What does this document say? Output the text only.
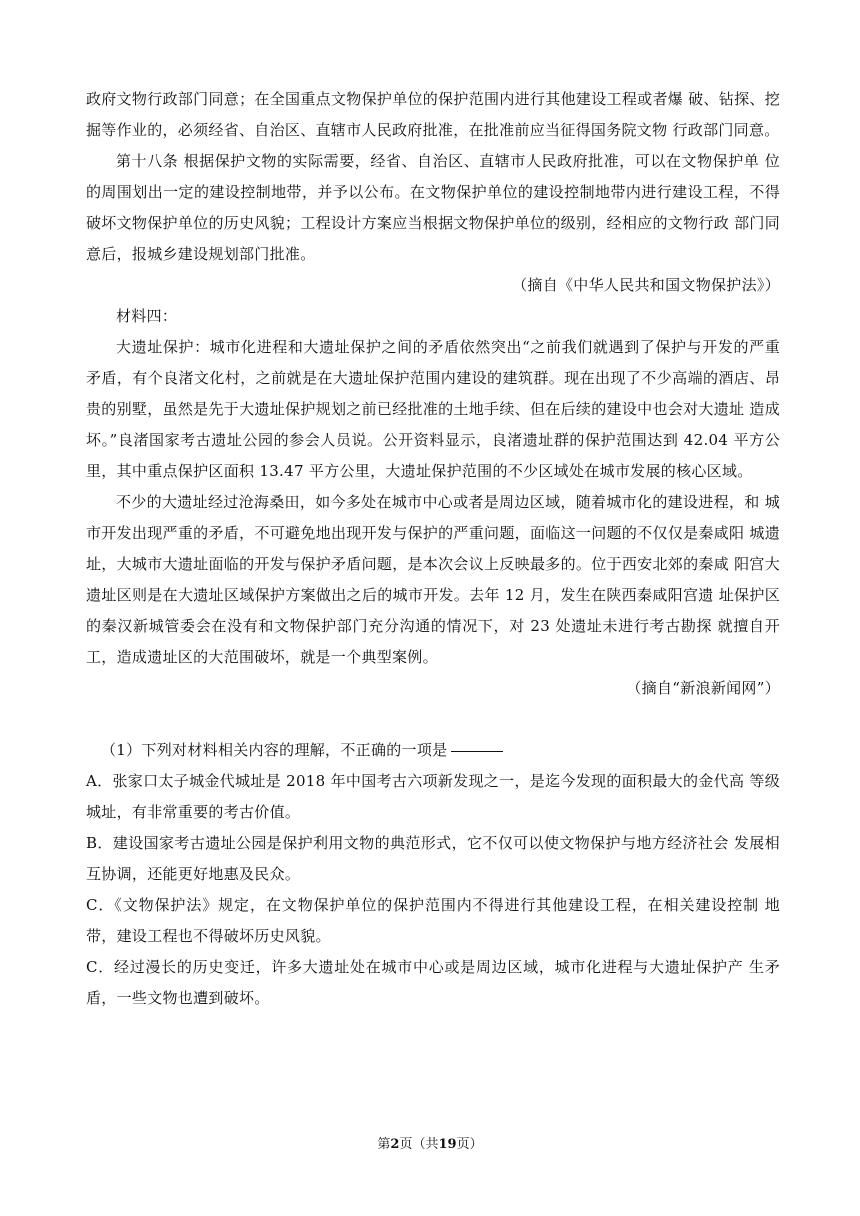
政府文物行政部门同意；在全国重点文物保护单位的保护范围内进行其他建设工程或者爆 破、钻探、挖掘等作业的，必须经省、自治区、直辖市人民政府批准，在批准前应当征得国务院文物 行政部门同意。

第十八条 根据保护文物的实际需要，经省、自治区、直辖市人民政府批准，可以在文物保护单 位的周围划出一定的建设控制地带，并予以公布。在文物保护单位的建设控制地带内进行建设工程，不得破坏文物保护单位的历史风貌；工程设计方案应当根据文物保护单位的级别，经相应的文物行政 部门同意后，报城乡建设规划部门批准。

（摘自《中华人民共和国文物保护法》）

材料四：

大遗址保护：城市化进程和大遗址保护之间的矛盾依然突出“之前我们就遇到了保护与开发的严重矛盾，有个良渚文化村，之前就是在大遗址保护范围内建设的建筑群。现在出现了不少高端的酒店、昂贵的别墅，虽然是先于大遗址保护规划之前已经批准的土地手续、但在后续的建设中也会对大遗址 造成坏。”良渚国家考古遗址公园的参会人员说。公开资料显示，良渚遗址群的保护范围达到 42.04 平方公里，其中重点保护区面积 13.47 平方公里，大遗址保护范围的不少区域处在城市发展的核心区域。

不少的大遗址经过沧海桑田，如今多处在城市中心或者是周边区域，随着城市化的建设进程，和 城市开发出现严重的矛盾，不可避免地出现开发与保护的严重问题，面临这一问题的不仅仅是秦咸阳 城遗址，大城市大遗址面临的开发与保护矛盾问题，是本次会议上反映最多的。位于西安北郊的秦咸 阳宫大遗址区则是在大遗址区域保护方案做出之后的城市开发。去年 12 月，发生在陕西秦咸阳宫遗 址保护区的秦汉新城管委会在没有和文物保护部门充分沟通的情况下，对 23 处遗址未进行考古勘探 就擅自开工，造成遗址区的大范围破坏，就是一个典型案例。

（摘自“新浪新闻网”）

（1）下列对材料相关内容的理解，不正确的一项是

A．张家口太子城金代城址是 2018 年中国考古六项新发现之一，是迄今发现的面积最大的金代高 等级城址，有非常重要的考古价值。

B．建设国家考古遗址公园是保护利用文物的典范形式，它不仅可以使文物保护与地方经济社会 发展相互协调，还能更好地惠及民众。

C．《文物保护法》规定，在文物保护单位的保护范围内不得进行其他建设工程，在相关建设控制 地带，建设工程也不得破坏历史风貌。

C．经过漫长的历史变迁，许多大遗址处在城市中心或是周边区域，城市化进程与大遗址保护产 生矛盾，一些文物也遭到破坏。

第2页（共19页）
